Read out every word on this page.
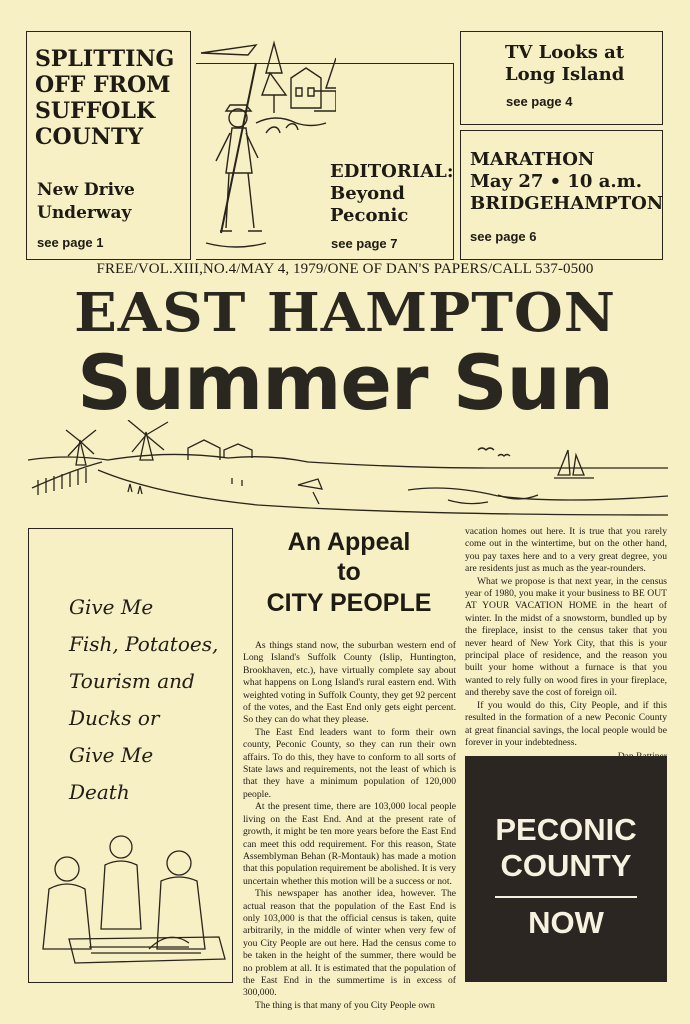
SPLITTING
OFF FROM
SUFFOLK
COUNTY
New Drive
Underway
see page 1
EDITORIAL:
Beyond
Peconic
see page 7
TV Looks at
Long Island
see page 4
MARATHON
May 27 • 10 a.m.
BRIDGEHAMPTON
see page 6
FREE/VOL.XIII,NO.4/MAY 4, 1979/ONE OF DAN'S PAPERS/CALL 537-0500
EAST HAMPTON
Summer Sun
Give Me
Fish, Potatoes,
Tourism and
Ducks or
Give Me
Death
An Appeal
to
CITY PEOPLE

As things stand now, the suburban western end of Long Island's Suffolk County (Islip, Huntington, Brookhaven, etc.), have virtually complete say about what happens on Long Island's rural eastern end. With weighted voting in Suffolk County, they get 92 percent of the votes, and the East End only gets eight percent. So they can do what they please.

The East End leaders want to form their own county, Peconic County, so they can run their own affairs. To do this, they have to conform to all sorts of State laws and requirements, not the least of which is that they have a minimum population of 120,000 people.

At the present time, there are 103,000 local people living on the East End. And at the present rate of growth, it might be ten more years before the East End can meet this odd requirement. For this reason, State Assemblyman Behan (R-Montauk) has made a motion that this population requirement be abolished. It is very uncertain whether this motion will be a success or not.

This newspaper has another idea, however. The actual reason that the population of the East End is only 103,000 is that the official census is taken, quite arbitrarily, in the middle of winter when very few of you City People are out here. Had the census come to be taken in the height of the summer, there would be no problem at all. It is estimated that the population of the East End in the summertime is in excess of 300,000.

The thing is that many of you City People own

vacation homes out here. It is true that you rarely come out in the wintertime, but on the other hand, you pay taxes here and to a very great degree, you are residents just as much as the year-rounders.

What we propose is that next year, in the census year of 1980, you make it your business to BE OUT AT YOUR VACATION HOME in the heart of winter. In the midst of a snowstorm, bundled up by the fireplace, insist to the census taker that you never heard of New York City, that this is your principal place of residence, and the reason you built your home without a furnace is that you wanted to rely fully on wood fires in your fireplace, and thereby save the cost of foreign oil.

If you would do this, City People, and if this resulted in the formation of a new Peconic County at great financial savings, the local people would be forever in your indebtedness.

PECONIC
COUNTY
NOW
